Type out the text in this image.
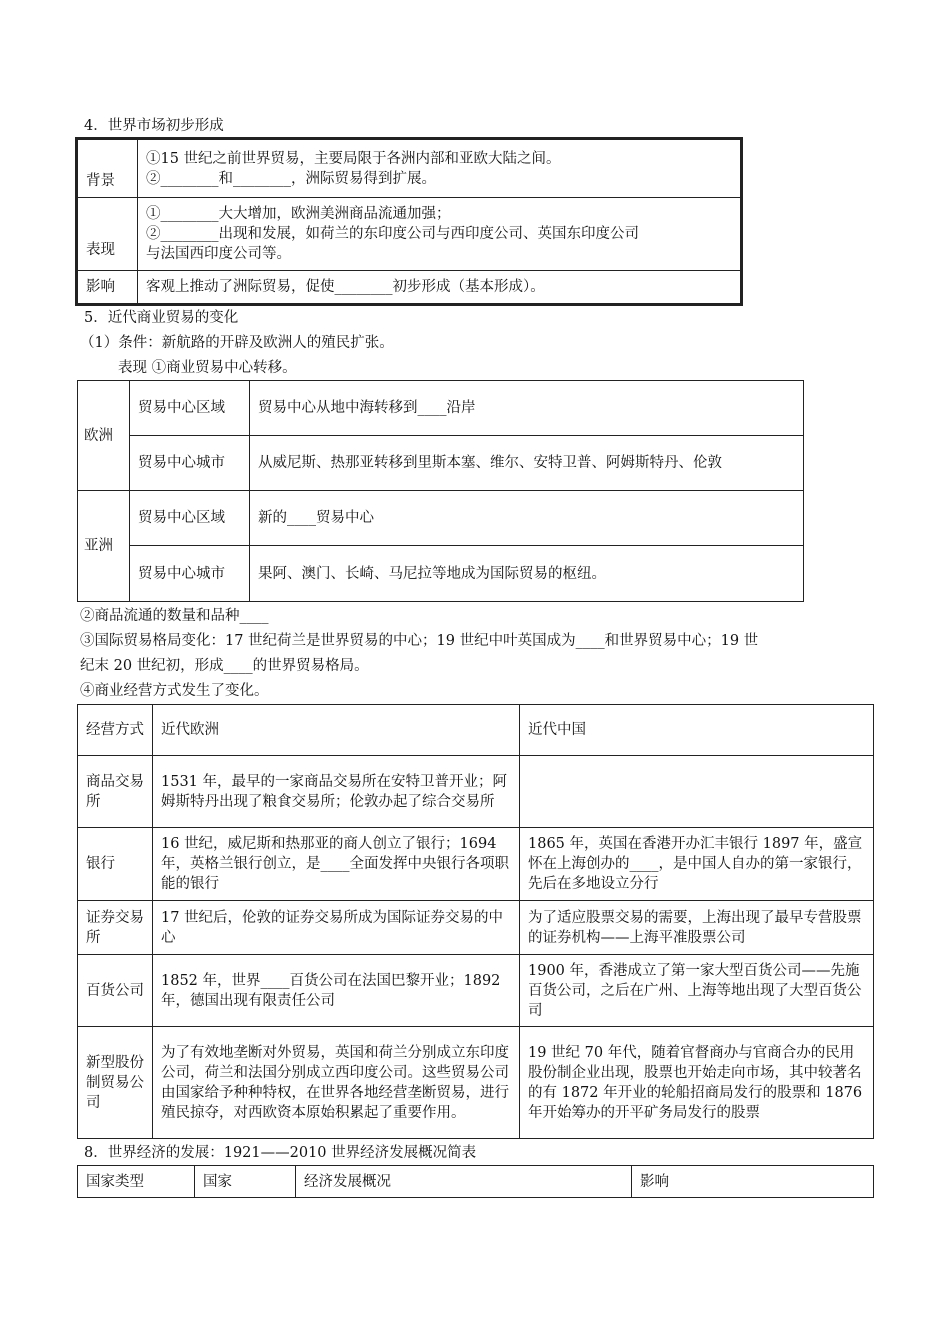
4．世界市场初步形成
背景	①15 世纪之前世界贸易，主要局限于各洲内部和亚欧大陆之间。
②________和________，洲际贸易得到扩展。

表现	①________大大增加，欧洲美洲商品流通加强；
②________出现和发展，如荷兰的东印度公司与西印度公司、英国东印度公司
与法国西印度公司等。

影响	客观上推动了洲际贸易，促使________初步形成（基本形成）。
5．近代商业贸易的变化
（1）条件：新航路的开辟及欧洲人的殖民扩张。
表现 ①商业贸易中心转移。
欧洲	贸易中心区域	贸易中心从地中海转移到____沿岸
	贸易中心城市	从威尼斯、热那亚转移到里斯本塞、维尔、安特卫普、阿姆斯特丹、伦敦
亚洲	贸易中心区域	新的____贸易中心
	贸易中心城市	果阿、澳门、长崎、马尼拉等地成为国际贸易的枢纽。
②商品流通的数量和品种____
③国际贸易格局变化：17 世纪荷兰是世界贸易的中心；19 世纪中叶英国成为____和世界贸易中心；19 世
纪末 20 世纪初，形成____的世界贸易格局。
④商业经营方式发生了变化。
经营方式	近代欧洲	近代中国
商品交易所	1531 年，最早的一家商品交易所在安特卫普开业；阿姆斯特丹出现了粮食交易所；伦敦办起了综合交易所	
银行	16 世纪，威尼斯和热那亚的商人创立了银行；1694 年，英格兰银行创立，是____全面发挥中央银行各项职能的银行	1865 年，英国在香港开办汇丰银行 1897 年，盛宣怀在上海创办的____，是中国人自办的第一家银行，先后在多地设立分行
证券交易所	17 世纪后，伦敦的证券交易所成为国际证券交易的中心	为了适应股票交易的需要，上海出现了最早专营股票的证券机构——上海平准股票公司
百货公司	1852 年，世界____百货公司在法国巴黎开业；1892 年，德国出现有限责任公司	1900 年，香港成立了第一家大型百货公司——先施百货公司，之后在广州、上海等地出现了大型百货公司
新型股份制贸易公司	为了有效地垄断对外贸易，英国和荷兰分别成立东印度公司，荷兰和法国分别成立西印度公司。这些贸易公司由国家给予种种特权，在世界各地经营垄断贸易，进行殖民掠夺，对西欧资本原始积累起了重要作用。	19 世纪 70 年代，随着官督商办与官商合办的民用股份制企业出现，股票也开始走向市场，其中较著名的有 1872 年开业的轮船招商局发行的股票和 1876 年开始筹办的开平矿务局发行的股票
8．世界经济的发展：1921——2010 世界经济发展概况简表
国家类型	国家	经济发展概况	影响
